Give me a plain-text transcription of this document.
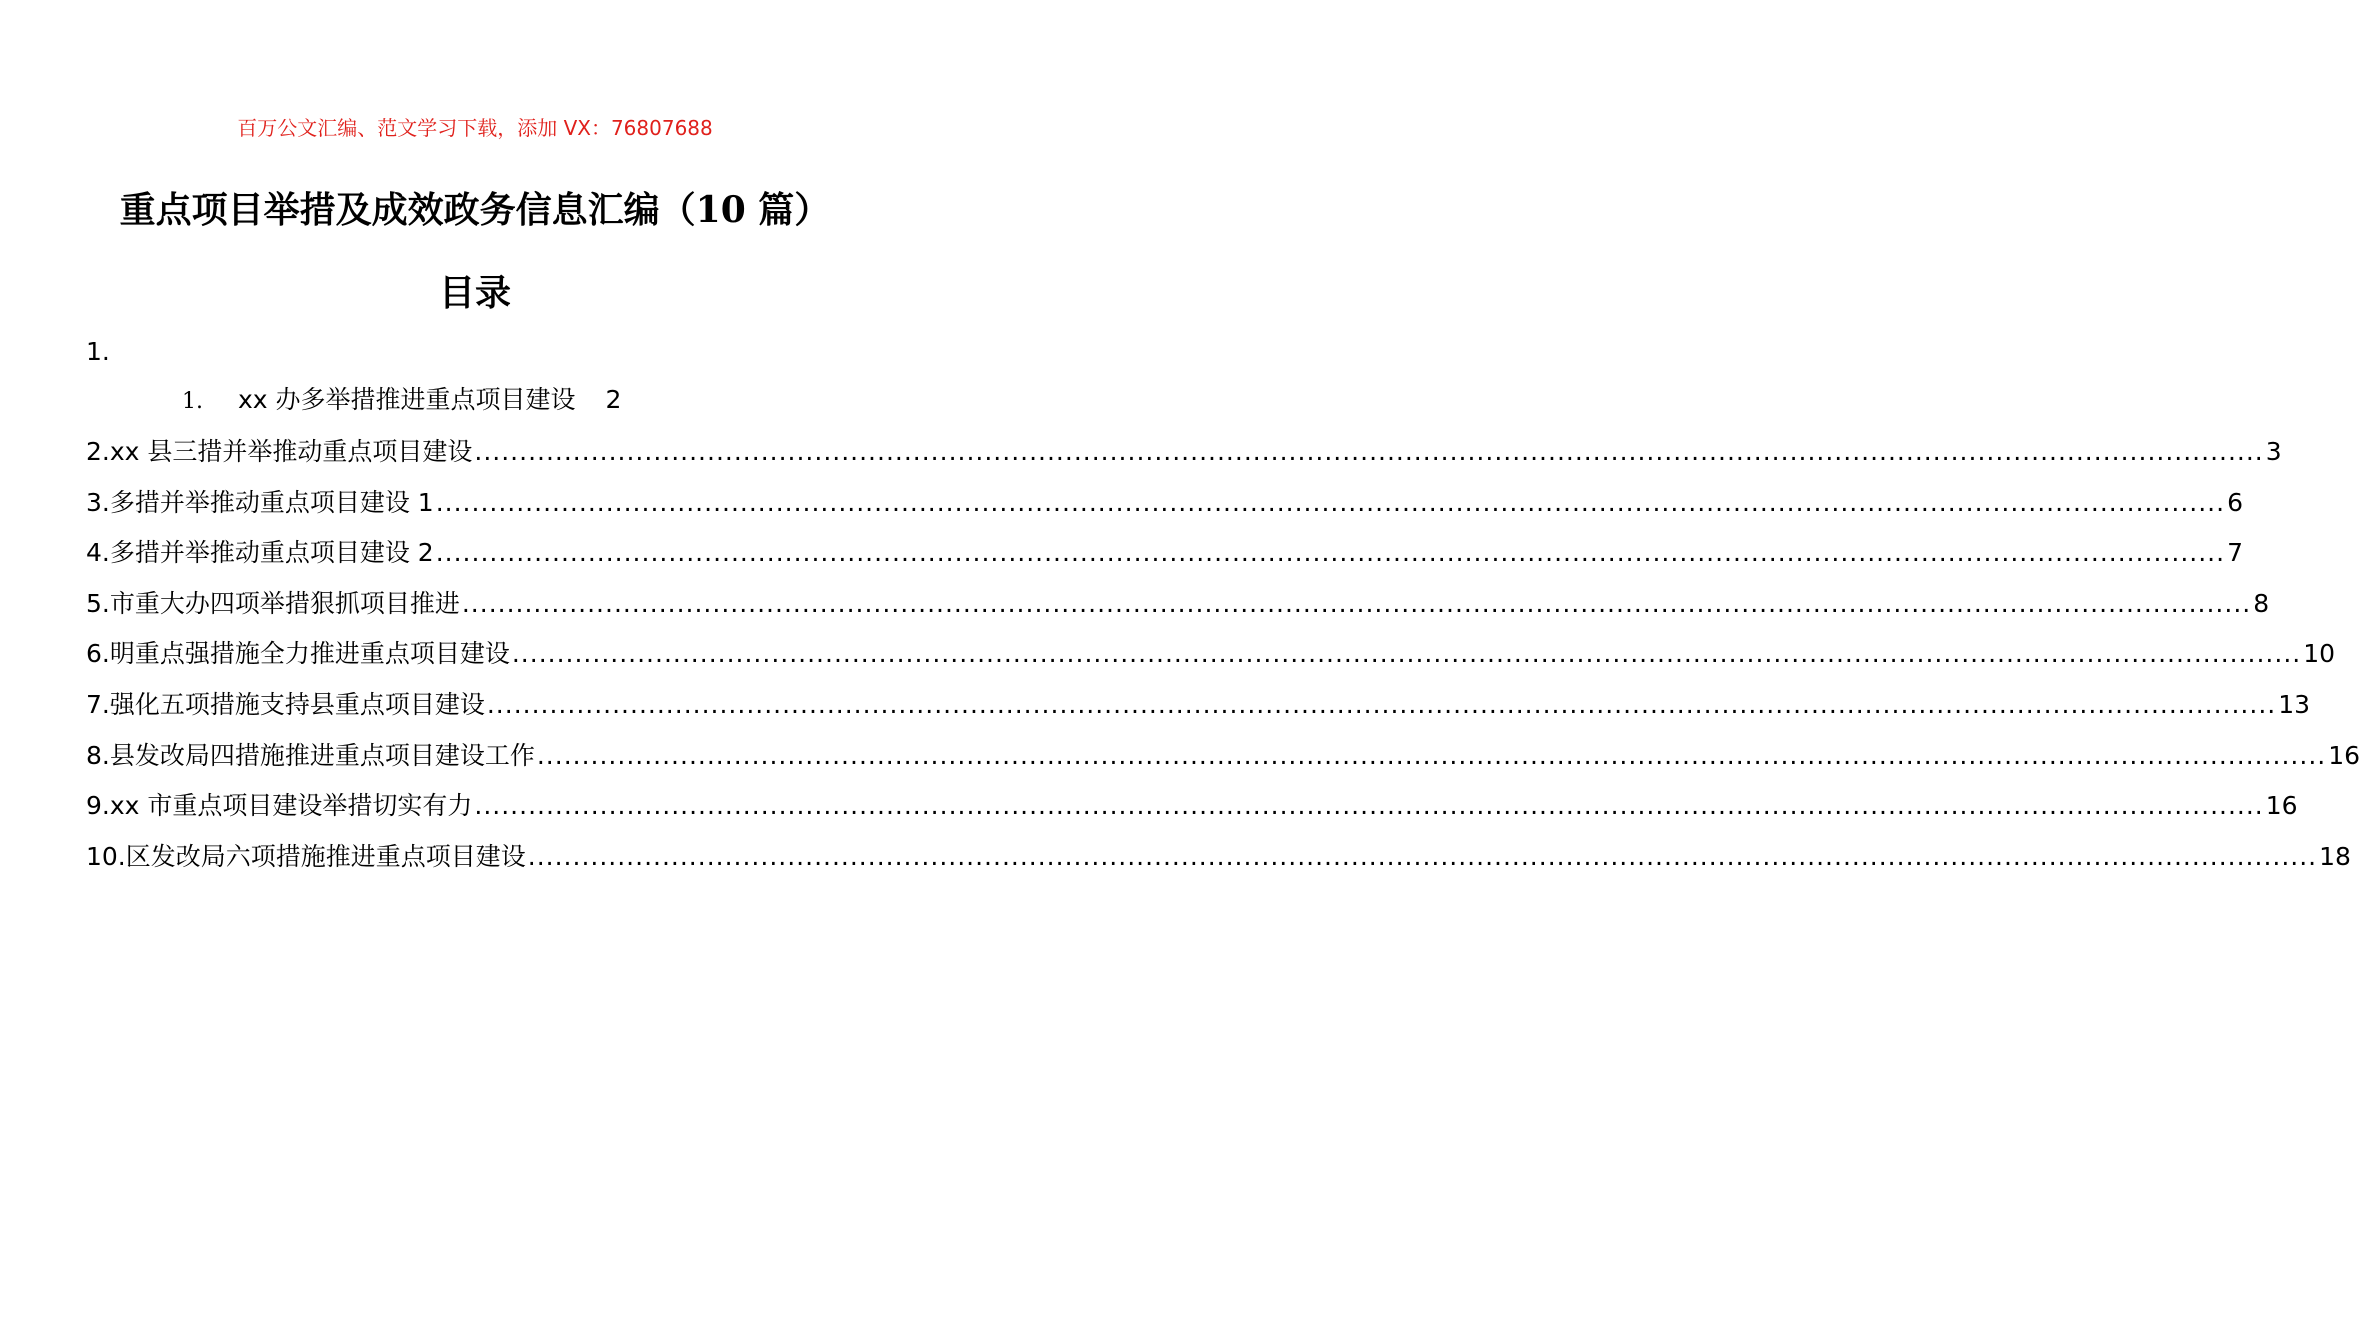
百万公文汇编、范文学习下载，添加 VX：76807688
重点项目举措及成效政务信息汇编（10 篇）
目录
1.
1. xx 办多举措推进重点项目建设 2
2.xx 县三措并举推动重点项目建设 ........................................................................................................................................................................................................ 3
3.多措并举推动重点项目建设 1 ........................................................................................................................................................................................................ 6
4.多措并举推动重点项目建设 2 ........................................................................................................................................................................................................ 7
5.市重大办四项举措狠抓项目推进 ........................................................................................................................................................................................................ 8
6.明重点强措施全力推进重点项目建设 ........................................................................................................................................................................................................ 10
7.强化五项措施支持县重点项目建设 ........................................................................................................................................................................................................ 13
8.县发改局四措施推进重点项目建设工作 ........................................................................................................................................................................................................ 16
9.xx 市重点项目建设举措切实有力 ........................................................................................................................................................................................................ 16
10.区发改局六项措施推进重点项目建设 ........................................................................................................................................................................................................ 18
